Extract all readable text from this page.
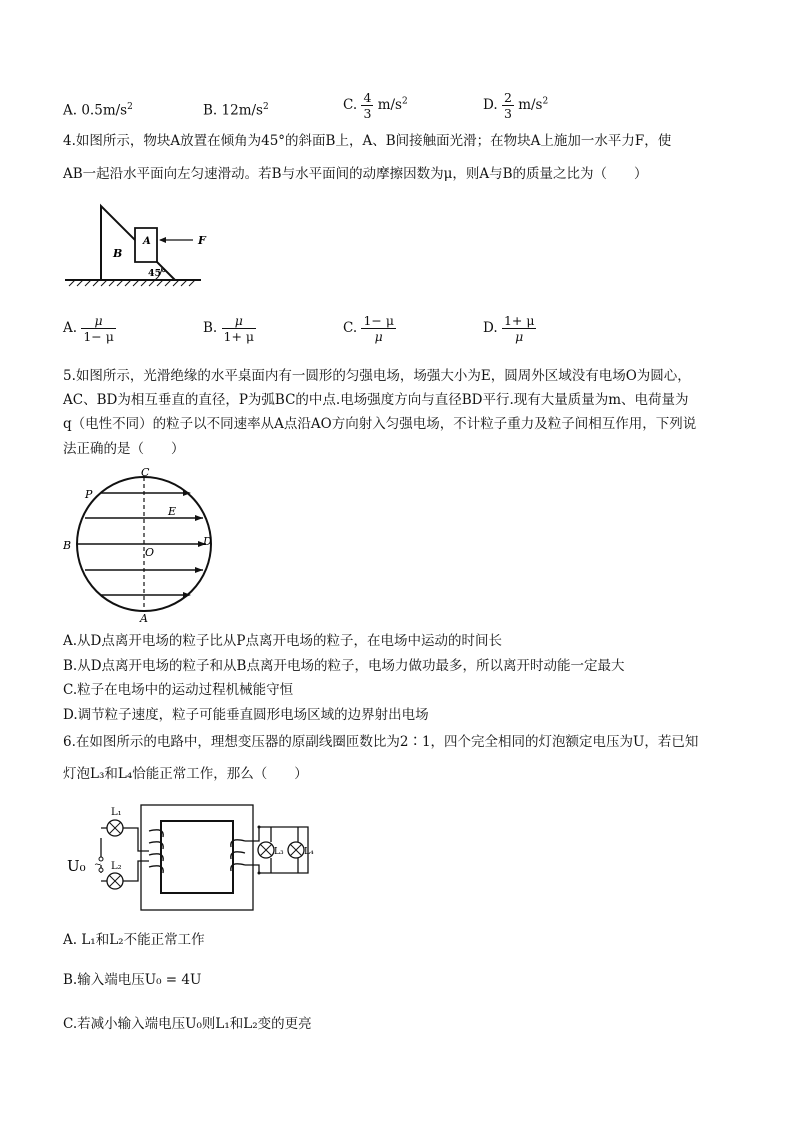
A. $0.5m/s^2$	B. $12m/s^2$	C. $\frac{4}{3} m/s^2$	D. $\frac{2}{3} m/s^2$
4.如图所示，物块A放置在倾角为45°的斜面B上，A、B间接触面光滑；在物块A上施加一水平力F，使
AB一起沿水平面向左匀速滑动。若B与水平面间的动摩擦因数为μ，则A与B的质量之比为（　　）
B
A	F
45°
A. $\frac{\mu}{1- \mu}$	B. $\frac{\mu}{1+ \mu}$	C. $\frac{1- \mu}{\mu}$	D. $\frac{1+ \mu}{\mu}$
5.如图所示，光滑绝缘的水平桌面内有一圆形的匀强电场，场强大小为E，圆周外区域没有电场O为圆心，
AC、BD为相互垂直的直径，P为弧BC的中点.电场强度方向与直径BD平行.现有大量质量为m、电荷量为
q（电性不同）的粒子以不同速率从A点沿AO方向射入匀强电场，不计粒子重力及粒子间相互作用，下列说
法正确的是（　　）
C
P
E
B
O
D
A
A.从D点离开电场的粒子比从P点离开电场的粒子，在电场中运动的时间长
B.从D点离开电场的粒子和从B点离开电场的粒子，电场力做功最多，所以离开时动能一定最大
C.粒子在电场中的运动过程机械能守恒
D.调节粒子速度，粒子可能垂直圆形电场区域的边界射出电场
6.在如图所示的电路中，理想变压器的原副线圈匝数比为2∶1，四个完全相同的灯泡额定电压为U，若已知
灯泡L₃和L₄恰能正常工作，那么（　　）
~
L₁
L₂
U₀
L₃ L₄
A. L₁和L₂不能正常工作
B.输入端电压U₀ = 4U
C.若减小输入端电压U₀则L₁和L₂变的更亮
